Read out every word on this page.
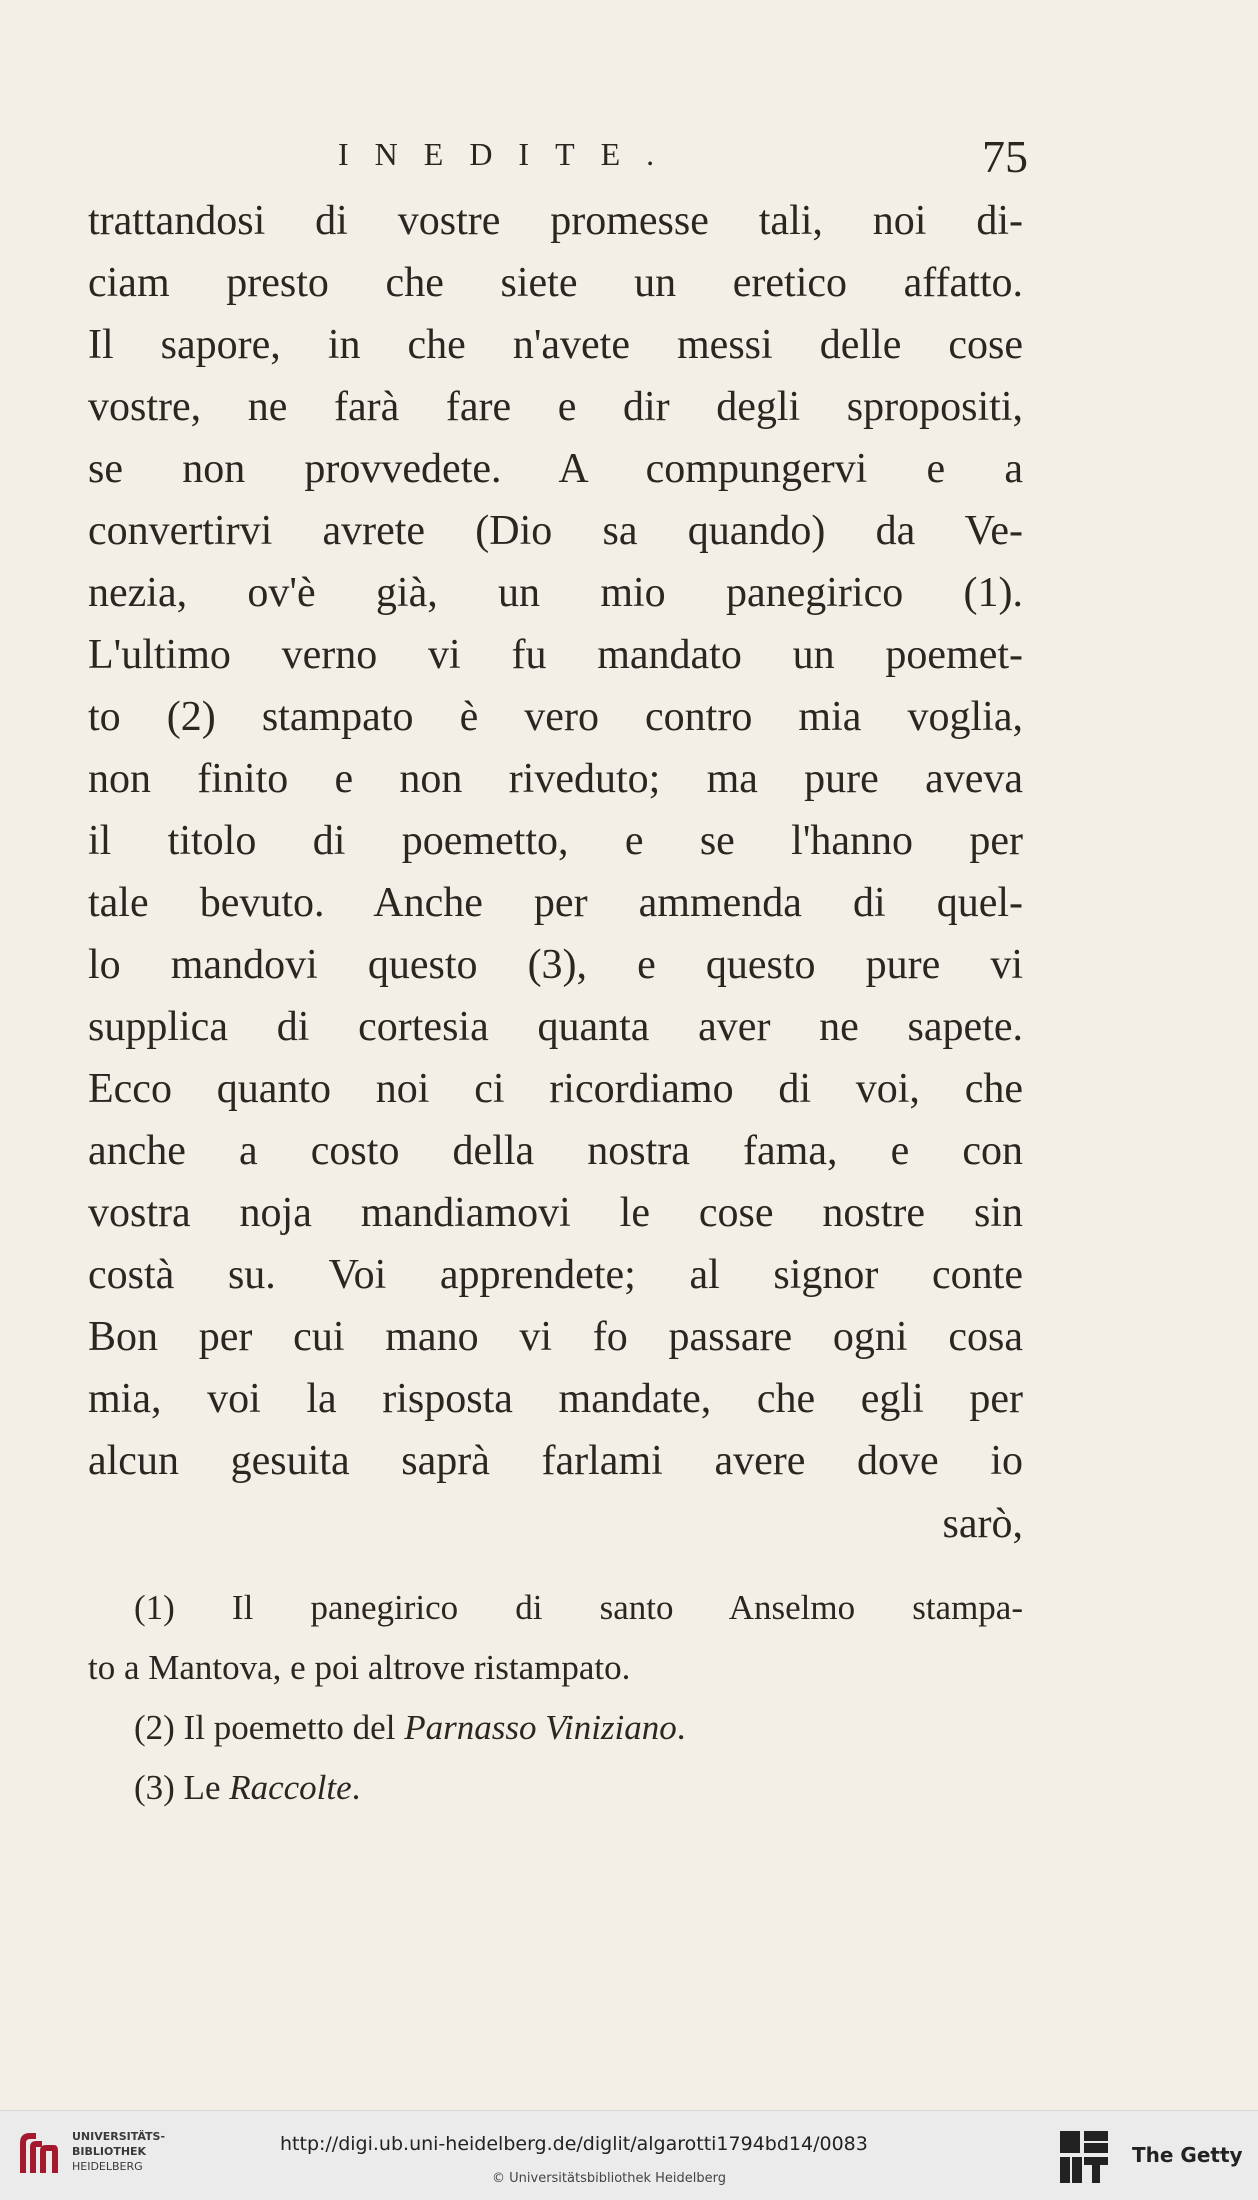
INEDITE.	75
trattandosi di vostre promesse tali, noi di-
ciam presto che siete un eretico affatto.
Il sapore, in che n'avete messi delle cose
vostre, ne farà fare e dir degli spropositi,
se non provvedete. A compungervi e a
convertirvi avrete (Dio sa quando) da Ve-
nezia, ov'è già, un mio panegirico (1).
L'ultimo verno vi fu mandato un poemet-
to (2) stampato è vero contro mia voglia,
non finito e non riveduto; ma pure aveva
il titolo di poemetto, e se l'hanno per
tale bevuto. Anche per ammenda di quel-
lo mandovi questo (3), e questo pure vi
supplica di cortesia quanta aver ne sapete.
Ecco quanto noi ci ricordiamo di voi, che
anche a costo della nostra fama, e con
vostra noja mandiamovi le cose nostre sin
costà su. Voi apprendete; al signor conte
Bon per cui mano vi fo passare ogni cosa
mia, voi la risposta mandate, che egli per
alcun gesuita saprà farlami avere dove io
sarò,
(1) Il panegirico di santo Anselmo stampa-
to a Mantova, e poi altrove ristampato.
(2) Il poemetto del Parnasso Viniziano.
(3) Le Raccolte.
UNIVERSITÄTS-
BIBLIOTHEK
HEIDELBERG
http://digi.ub.uni-heidelberg.de/diglit/algarotti1794bd14/0083
© Universitätsbibliothek Heidelberg
The Getty
